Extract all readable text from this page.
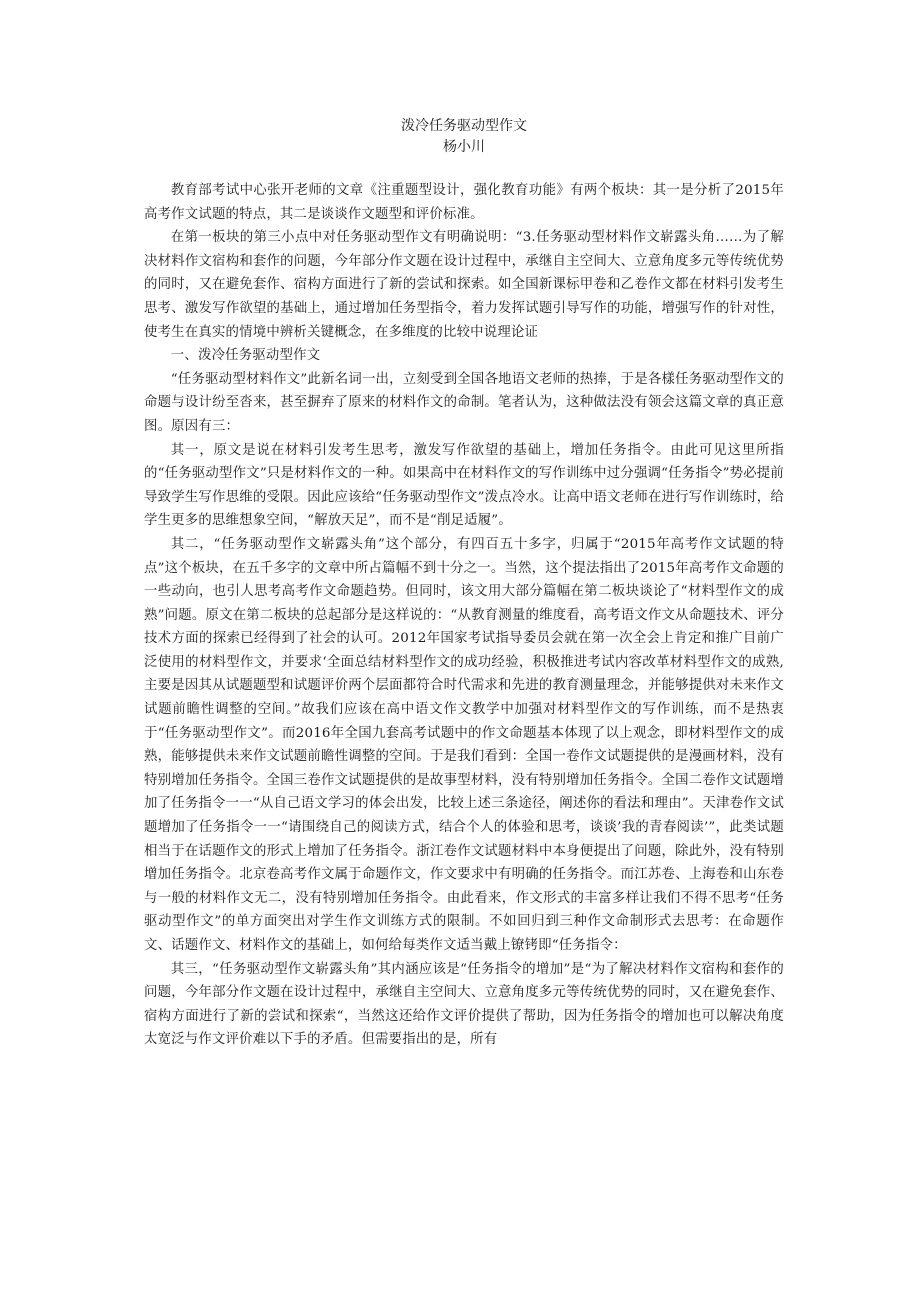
泼冷任务驱动型作文

杨小川

教育部考试中心张开老师的文章《注重题型设计，强化教育功能》有两个板块：其一是分析了2015年高考作文试题的特点，其二是谈谈作文题型和评价标准。

在第一板块的第三小点中对任务驱动型作文有明确说明：“3.任务驱动型材料作文崭露头角……为了解决材料作文宿构和套作的问题，今年部分作文题在设计过程中，承继自主空间大、立意角度多元等传统优势的同时，又在避免套作、宿构方面进行了新的尝试和探索。如全国新课标甲卷和乙卷作文都在材料引发考生思考、激发写作欲望的基础上，通过增加任务型指令，着力发挥试题引导写作的功能，增强写作的针对性，使考生在真实的情境中辨析关键概念，在多维度的比较中说理论证

一、泼冷任务驱动型作文

“任务驱动型材料作文”此新名词一出，立刻受到全国各地语文老师的热捧，于是各樣任务驱动型作文的命题与设计纷至沓来，甚至摒弃了原来的材料作文的命制。笔者认为，这种做法没有领会这篇文章的真正意图。原因有三：

其一，原文是说在材料引发考生思考，激发写作欲望的基础上，增加任务指令。由此可见这里所指的“任务驱动型作文”只是材料作文的一种。如果高中在材料作文的写作训练中过分强调“任务指令”势必提前导致学生写作思维的受限。因此应该给“任务驱动型作文”泼点冷水。让高中语文老师在进行写作训练时，给学生更多的思维想象空间，“解放天足”，而不是“削足适履”。

其二，“任务驱动型作文崭露头角”这个部分，有四百五十多字，归属于“2015年高考作文试题的特点”这个板块，在五千多字的文章中所占篇幅不到十分之一。当然，这个提法指出了2015年高考作文命题的一些动向，也引人思考高考作文命题趋势。但同时，该文用大部分篇幅在第二板块谈论了“材料型作文的成熟”问题。原文在第二板块的总起部分是这样说的：“从教育测量的维度看，高考语文作文从命题技术、评分技术方面的探索已经得到了社会的认可。2012年国家考试指导委员会就在第一次全会上肯定和推广目前广泛使用的材料型作文，并要求‘全面总结材料型作文的成功经验，积极推进考试内容改革材料型作文的成熟,主要是因其从试题题型和试题评价两个层面都符合时代需求和先进的教育测量理念，并能够提供对未来作文试题前瞻性调整的空间。”故我们应该在高中语文作文教学中加强对材料型作文的写作训练，而不是热衷于“任务驱动型作文”。而2016年全国九套高考试题中的作文命题基本体现了以上观念，即材料型作文的成熟，能够提供未来作文试题前瞻性调整的空间。于是我们看到：全国一卷作文试题提供的是漫画材料，没有特别增加任务指令。全国三卷作文试题提供的是故事型材料，没有特别增加任务指令。全国二卷作文试题增加了任务指令一一“从自己语文学习的体会出发，比较上述三条途径，阐述你的看法和理由”。天津卷作文试题增加了任务指令一一“请围绕自己的阅读方式，结合个人的体验和思考，谈谈’我的青春阅读’”，此类试题相当于在话题作文的形式上增加了任务指令。浙江卷作文试题材料中本身便提出了问题，除此外，没有特别增加任务指令。北京卷高考作文属于命题作文，作文要求中有明确的任务指令。而江苏卷、上海卷和山东卷与一般的材料作文无二，没有特别增加任务指令。由此看来，作文形式的丰富多样让我们不得不思考“任务驱动型作文”的单方面突出对学生作文训练方式的限制。不如回归到三种作文命制形式去思考：在命题作文、话题作文、材料作文的基础上，如何给每类作文适当戴上镣铐即“任务指令：

其三，“任务驱动型作文崭露头角”其内涵应该是“任务指令的增加”是“为了解决材料作文宿构和套作的问题，今年部分作文题在设计过程中，承继自主空间大、立意角度多元等传统优势的同时，又在避免套作、宿构方面进行了新的尝试和探索“，当然这还给作文评价提供了帮助，因为任务指令的增加也可以解决角度太宽泛与作文评价难以下手的矛盾。但需要指出的是，所有
